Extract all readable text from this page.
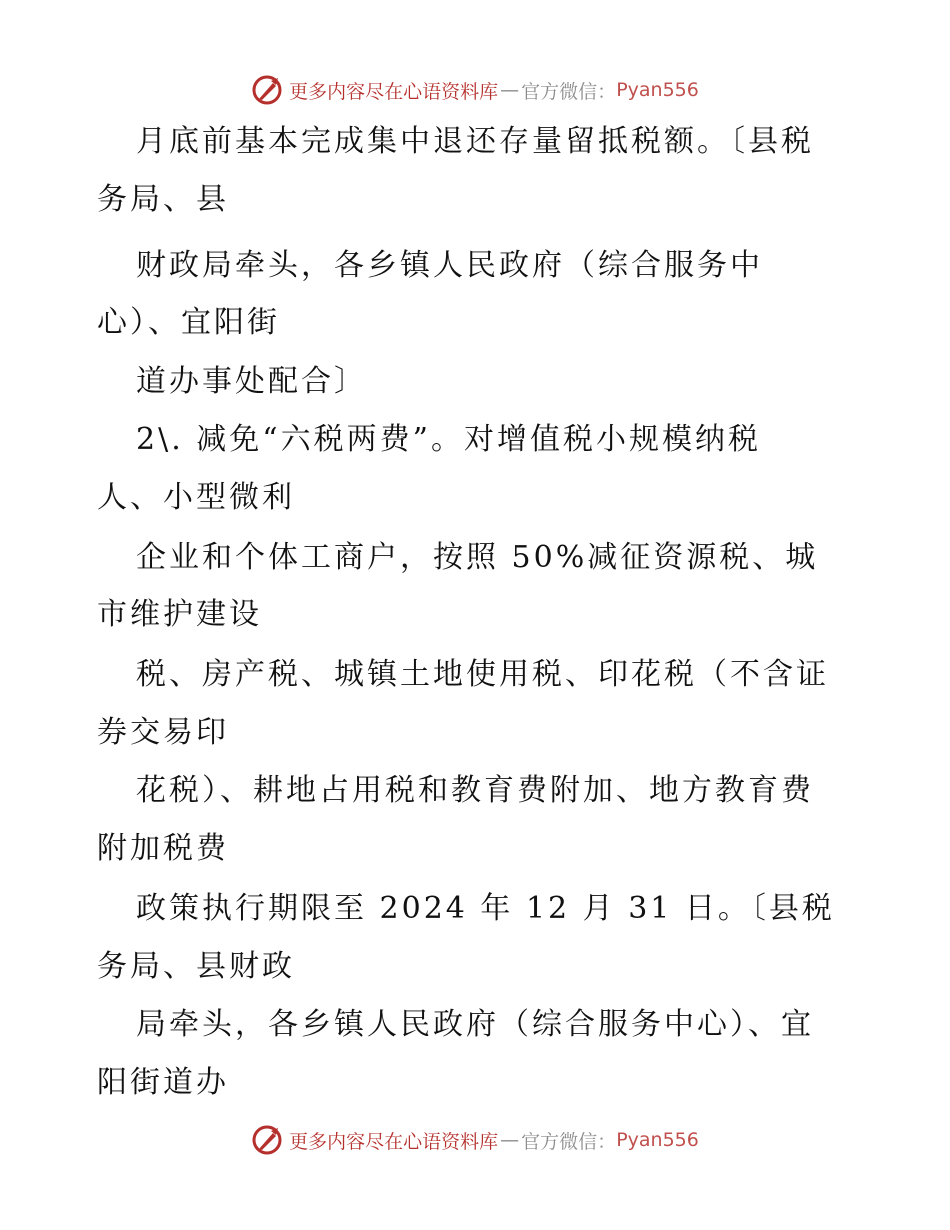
更多内容尽在心语资料库 — 官方微信： Pyan556
月底前基本完成集中退还存量留抵税额。〔县税
务局、县
财政局牵头，各乡镇人民政府（综合服务中
心）、宜阳街
道办事处配合〕
2\. 减免“六税两费”。对增值税小规模纳税
人、小型微利
企业和个体工商户，按照 50%减征资源税、城
市维护建设
税、房产税、城镇土地使用税、印花税（不含证
券交易印
花税）、耕地占用税和教育费附加、地方教育费
附加税费
政策执行期限至 2024 年 12 月 31 日。〔县税
务局、县财政
局牵头，各乡镇人民政府（综合服务中心）、宜
阳街道办
更多内容尽在心语资料库 — 官方微信： Pyan556
